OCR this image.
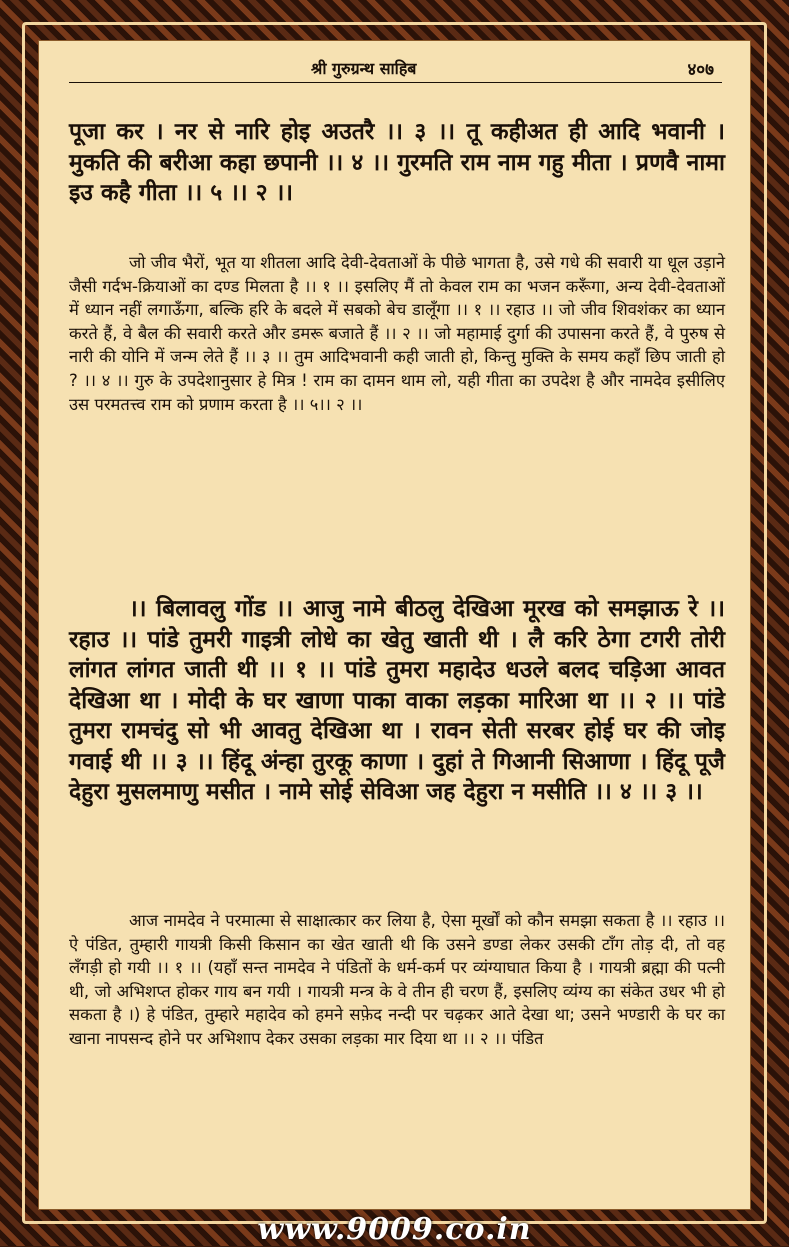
श्री गुरुग्रन्थ साहिब	४०७
पूजा कर । नर से नारि होइ अउतरै ।। ३ ।। तू कहीअत ही आदि भवानी । मुकति की बरीआ कहा छपानी ।। ४ ।। गुरमति राम नाम गहु मीता । प्रणवै नामा इउ कहै गीता ।। ५ ।। २ ।।
जो जीव भैरों, भूत या शीतला आदि देवी-देवताओं के पीछे भागता है, उसे गधे की सवारी या धूल उड़ाने जैसी गर्दभ-क्रियाओं का दण्ड मिलता है ।। १ ।। इसलिए मैं तो केवल राम का भजन करूँगा, अन्य देवी-देवताओं में ध्यान नहीं लगाऊँगा, बल्कि हरि के बदले में सबको बेच डालूँगा ।। १ ।। रहाउ ।। जो जीव शिवशंकर का ध्यान करते हैं, वे बैल की सवारी करते और डमरू बजाते हैं ।। २ ।। जो महामाई दुर्गा की उपासना करते हैं, वे पुरुष से नारी की योनि में जन्म लेते हैं ।। ३ ।। तुम आदिभवानी कही जाती हो, किन्तु मुक्ति के समय कहाँ छिप जाती हो ? ।। ४ ।। गुरु के उपदेशानुसार हे मित्र ! राम का दामन थाम लो, यही गीता का उपदेश है और नामदेव इसीलिए उस परमतत्त्व राम को प्रणाम करता है ।। ५।। २ ।।
।। बिलावलु गोंड ।। आजु नामे बीठलु देखिआ मूरख को समझाऊ रे ।। रहाउ ।। पांडे तुमरी गाइत्री लोधे का खेतु खाती थी । लै करि ठेगा टगरी तोरी लांगत लांगत जाती थी ।। १ ।। पांडे तुमरा महादेउ धउले बलद चड़िआ आवत देखिआ था । मोदी के घर खाणा पाका वाका लड़का मारिआ था ।। २ ।। पांडे तुमरा रामचंदु सो भी आवतु देखिआ था । रावन सेती सरबर होई घर की जोइ गवाई थी ।। ३ ।। हिंदू अंन्हा तुरकू काणा । दुहां ते गिआनी सिआणा । हिंदू पूजै देहुरा मुसलमाणु मसीत । नामे सोई सेविआ जह देहुरा न मसीति ।। ४ ।। ३ ।।
आज नामदेव ने परमात्मा से साक्षात्कार कर लिया है, ऐसा मूर्खों को कौन समझा सकता है ।। रहाउ ।। ऐ पंडित, तुम्हारी गायत्री किसी किसान का खेत खाती थी कि उसने डण्डा लेकर उसकी टाँग तोड़ दी, तो वह लँगड़ी हो गयी ।। १ ।। (यहाँ सन्त नामदेव ने पंडितों के धर्म-कर्म पर व्यंग्याघात किया है । गायत्री ब्रह्मा की पत्नी थी, जो अभिशप्त होकर गाय बन गयी । गायत्री मन्त्र के वे तीन ही चरण हैं, इसलिए व्यंग्य का संकेत उधर भी हो सकता है ।) हे पंडित, तुम्हारे महादेव को हमने सफ़ेद नन्दी पर चढ़कर आते देखा था; उसने भण्डारी के घर का खाना नापसन्द होने पर अभिशाप देकर उसका लड़का मार दिया था ।। २ ।। पंडित
www.9009.co.in
